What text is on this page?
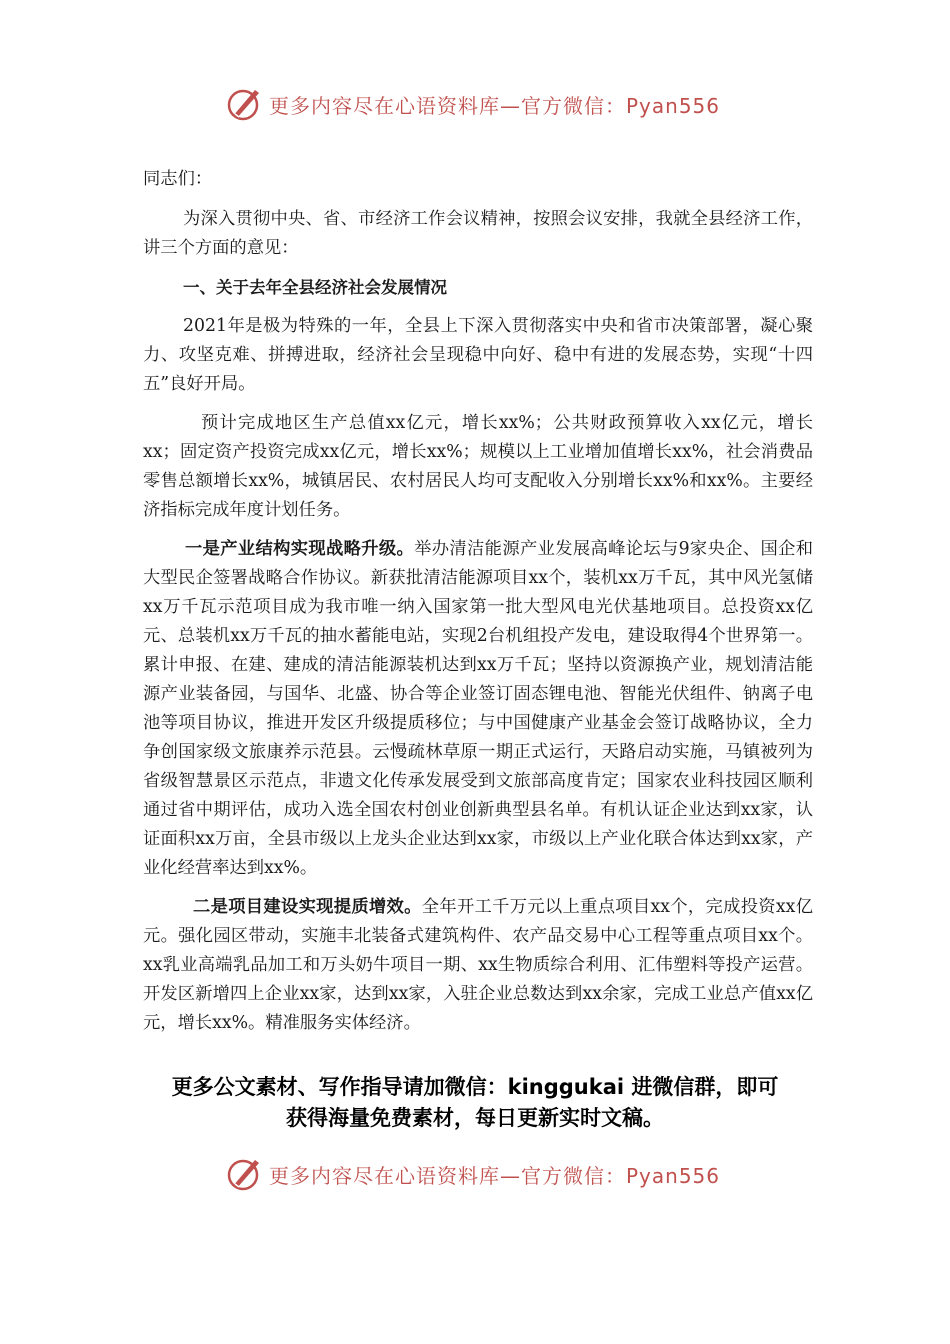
更多内容尽在心语资料库—官方微信：Pyan556

同志们：

为深入贯彻中央、省、市经济工作会议精神，按照会议安排，我就全县经济工作，讲三个方面的意见：

一、关于去年全县经济社会发展情况

2021年是极为特殊的一年，全县上下深入贯彻落实中央和省市决策部署，凝心聚力、攻坚克难、拼搏进取，经济社会呈现稳中向好、稳中有进的发展态势，实现“十四五”良好开局。

预计完成地区生产总值xx亿元，增长xx%；公共财政预算收入xx亿元，增长xx；固定资产投资完成xx亿元，增长xx%；规模以上工业增加值增长xx%，社会消费品零售总额增长xx%，城镇居民、农村居民人均可支配收入分别增长xx%和xx%。主要经济指标完成年度计划任务。

一是产业结构实现战略升级。举办清洁能源产业发展高峰论坛与9家央企、国企和大型民企签署战略合作协议。新获批清洁能源项目xx个，装机xx万千瓦，其中风光氢储xx万千瓦示范项目成为我市唯一纳入国家第一批大型风电光伏基地项目。总投资xx亿元、总装机xx万千瓦的抽水蓄能电站，实现2台机组投产发电，建设取得4个世界第一。累计申报、在建、建成的清洁能源装机达到xx万千瓦；坚持以资源换产业，规划清洁能源产业装备园，与国华、北盛、协合等企业签订固态锂电池、智能光伏组件、钠离子电池等项目协议，推进开发区升级提质移位；与中国健康产业基金会签订战略协议，全力争创国家级文旅康养示范县。云慢疏林草原一期正式运行，天路启动实施，马镇被列为省级智慧景区示范点，非遗文化传承发展受到文旅部高度肯定；国家农业科技园区顺利通过省中期评估，成功入选全国农村创业创新典型县名单。有机认证企业达到xx家，认证面积xx万亩，全县市级以上龙头企业达到xx家，市级以上产业化联合体达到xx家，产业化经营率达到xx%。

二是项目建设实现提质增效。全年开工千万元以上重点项目xx个，完成投资xx亿元。强化园区带动，实施丰北装备式建筑构件、农产品交易中心工程等重点项目xx个。xx乳业高端乳品加工和万头奶牛项目一期、xx生物质综合利用、汇伟塑料等投产运营。开发区新增四上企业xx家，达到xx家，入驻企业总数达到xx余家，完成工业总产值xx亿元，增长xx%。精准服务实体经济。

更多公文素材、写作指导请加微信：kinggukai 进微信群，即可
获得海量免费素材，每日更新实时文稿。
更多内容尽在心语资料库—官方微信：Pyan556
